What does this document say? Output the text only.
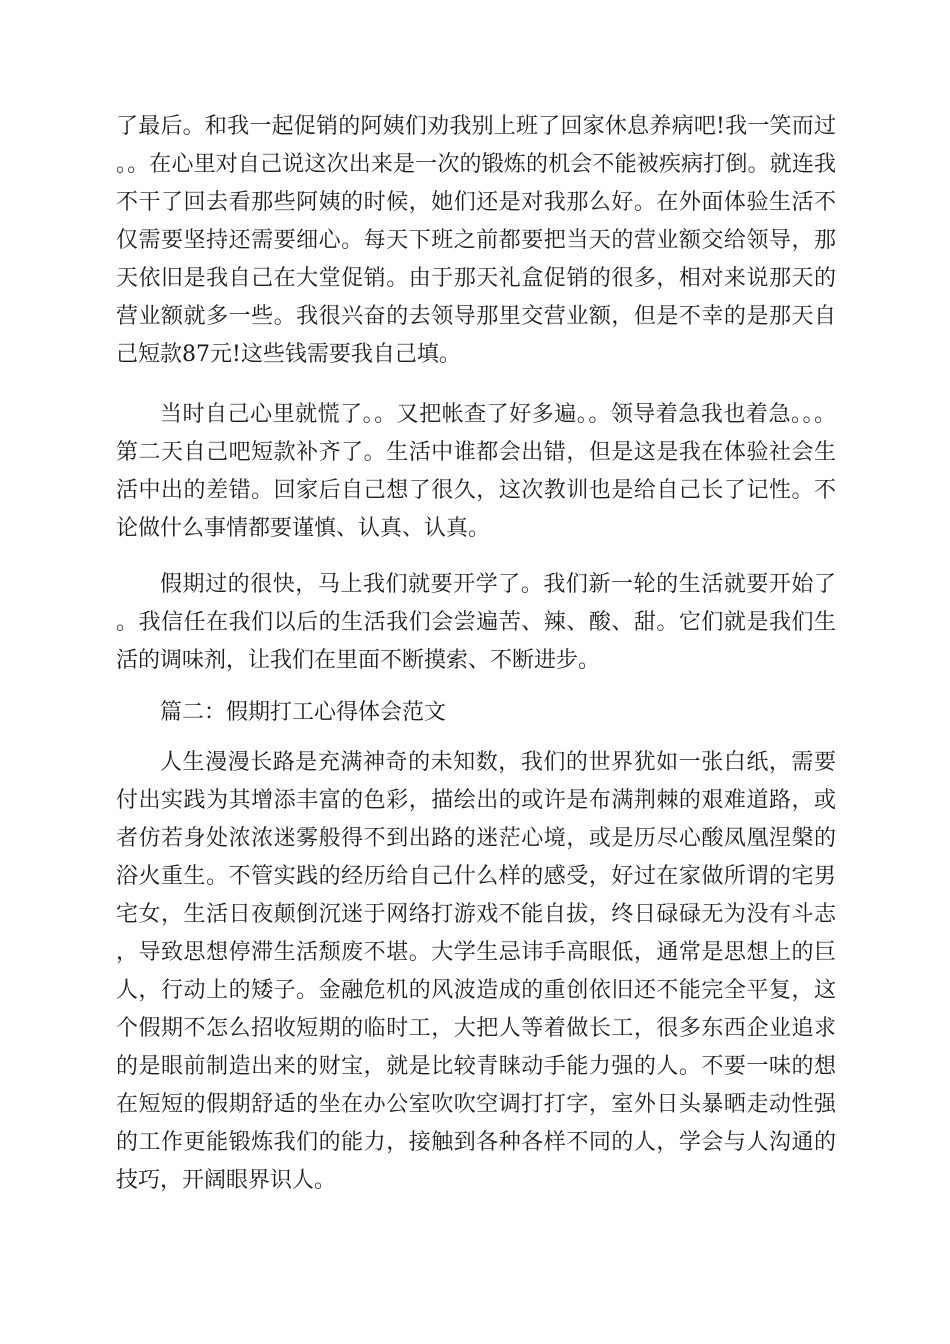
了最后。和我一起促销的阿姨们劝我别上班了回家休息养病吧!我一笑而过。。在心里对自己说这次出来是一次的锻炼的机会不能被疾病打倒。就连我不干了回去看那些阿姨的时候，她们还是对我那么好。在外面体验生活不仅需要坚持还需要细心。每天下班之前都要把当天的营业额交给领导，那天依旧是我自己在大堂促销。由于那天礼盒促销的很多，相对来说那天的营业额就多一些。我很兴奋的去领导那里交营业额，但是不幸的是那天自己短款87元!这些钱需要我自己填。

当时自己心里就慌了。。又把帐查了好多遍。。领导着急我也着急。。。第二天自己吧短款补齐了。生活中谁都会出错，但是这是我在体验社会生活中出的差错。回家后自己想了很久，这次教训也是给自己长了记性。不论做什么事情都要谨慎、认真、认真。

假期过的很快，马上我们就要开学了。我们新一轮的生活就要开始了。我信任在我们以后的生活我们会尝遍苦、辣、酸、甜。它们就是我们生活的调味剂，让我们在里面不断摸索、不断进步。

篇二：假期打工心得体会范文

人生漫漫长路是充满神奇的未知数，我们的世界犹如一张白纸，需要付出实践为其增添丰富的色彩，描绘出的或许是布满荆棘的艰难道路，或者仿若身处浓浓迷雾般得不到出路的迷茫心境，或是历尽心酸凤凰涅槃的浴火重生。不管实践的经历给自己什么样的感受，好过在家做所谓的宅男宅女，生活日夜颠倒沉迷于网络打游戏不能自拔，终日碌碌无为没有斗志，导致思想停滞生活颓废不堪。大学生忌讳手高眼低，通常是思想上的巨人，行动上的矮子。金融危机的风波造成的重创依旧还不能完全平复，这个假期不怎么招收短期的临时工，大把人等着做长工，很多东西企业追求的是眼前制造出来的财宝，就是比较青睐动手能力强的人。不要一味的想在短短的假期舒适的坐在办公室吹吹空调打打字，室外日头暴晒走动性强的工作更能锻炼我们的能力，接触到各种各样不同的人，学会与人沟通的技巧，开阔眼界识人。
